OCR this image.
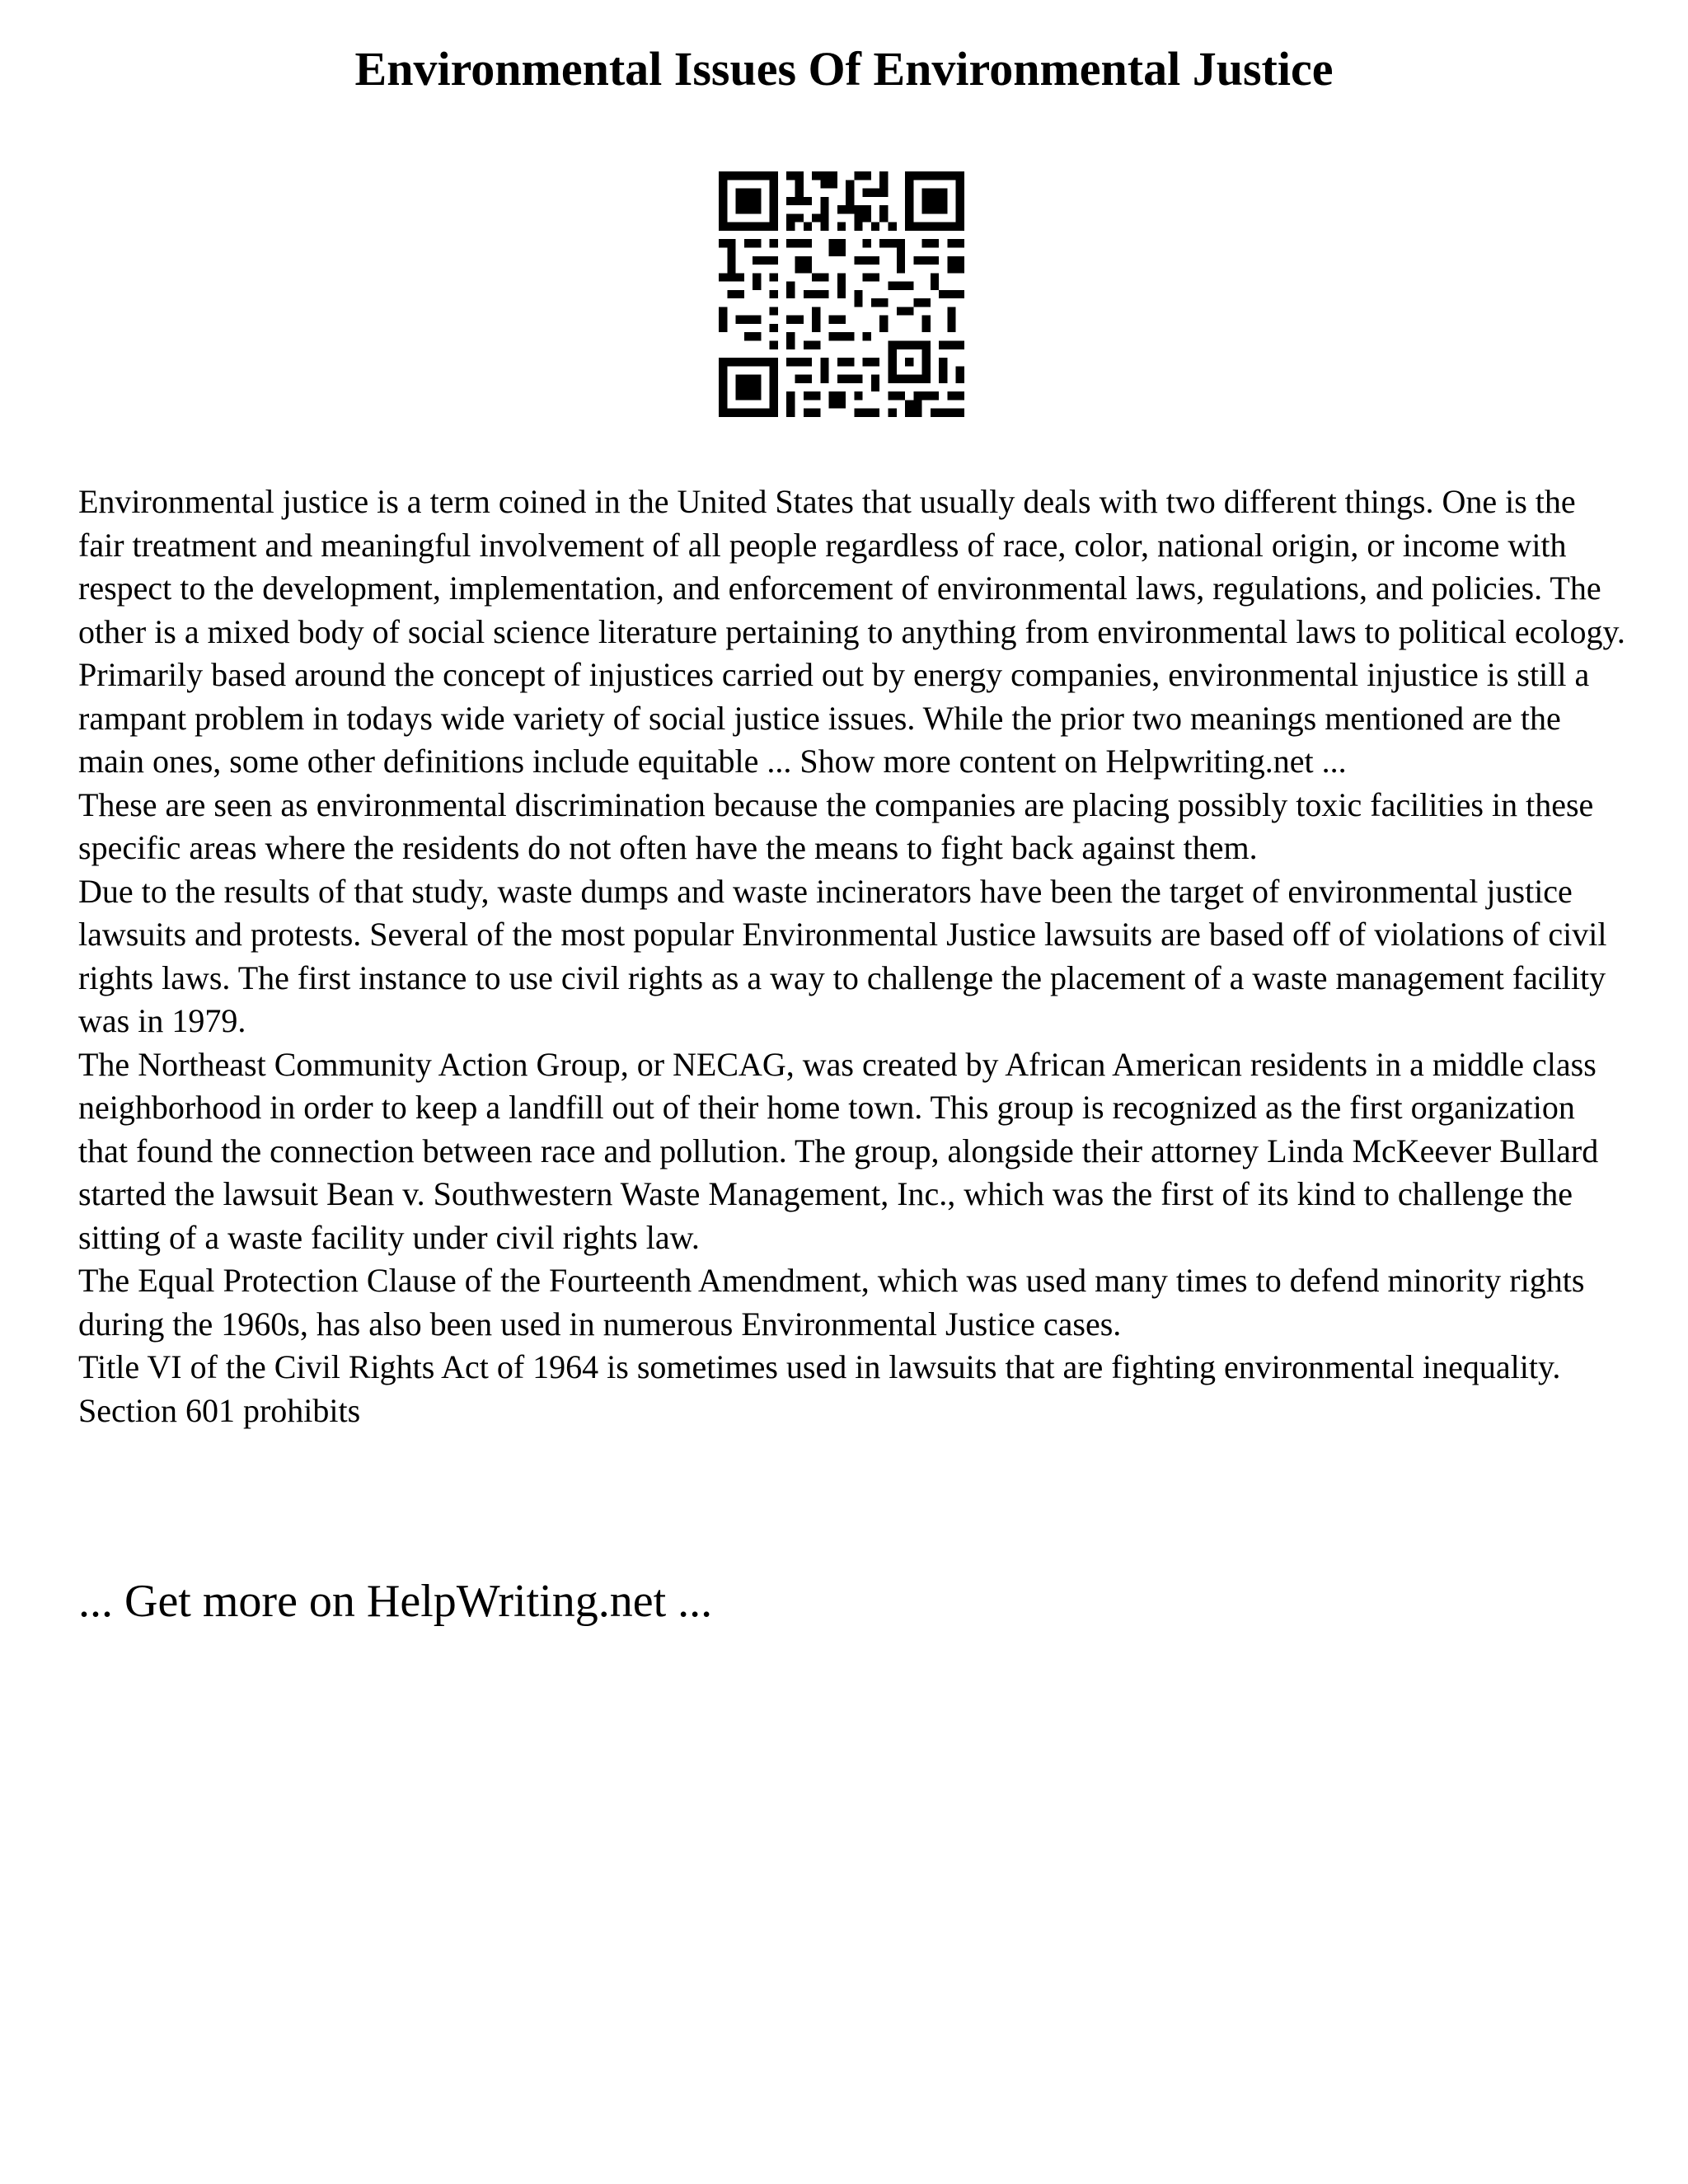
Environmental Issues Of Environmental Justice

Environmental justice is a term coined in the United States that usually deals with two different things. One is the fair treatment and meaningful involvement of all people regardless of race, color, national origin, or income with respect to the development, implementation, and enforcement of environmental laws, regulations, and policies. The other is a mixed body of social science literature pertaining to anything from environmental laws to political ecology. Primarily based around the concept of injustices carried out by energy companies, environmental injustice is still a rampant problem in todays wide variety of social justice issues. While the prior two meanings mentioned are the main ones, some other definitions include equitable ... Show more content on Helpwriting.net ...

These are seen as environmental discrimination because the companies are placing possibly toxic facilities in these specific areas where the residents do not often have the means to fight back against them.

Due to the results of that study, waste dumps and waste incinerators have been the target of environmental justice lawsuits and protests. Several of the most popular Environmental Justice lawsuits are based off of violations of civil rights laws. The first instance to use civil rights as a way to challenge the placement of a waste management facility was in 1979.

The Northeast Community Action Group, or NECAG, was created by African American residents in a middle class neighborhood in order to keep a landfill out of their home town. This group is recognized as the first organization that found the connection between race and pollution. The group, alongside their attorney Linda McKeever Bullard started the lawsuit Bean v. Southwestern Waste Management, Inc., which was the first of its kind to challenge the sitting of a waste facility under civil rights law.

The Equal Protection Clause of the Fourteenth Amendment, which was used many times to defend minority rights during the 1960s, has also been used in numerous Environmental Justice cases.

Title VI of the Civil Rights Act of 1964 is sometimes used in lawsuits that are fighting environmental inequality. Section 601 prohibits

... Get more on HelpWriting.net ...
